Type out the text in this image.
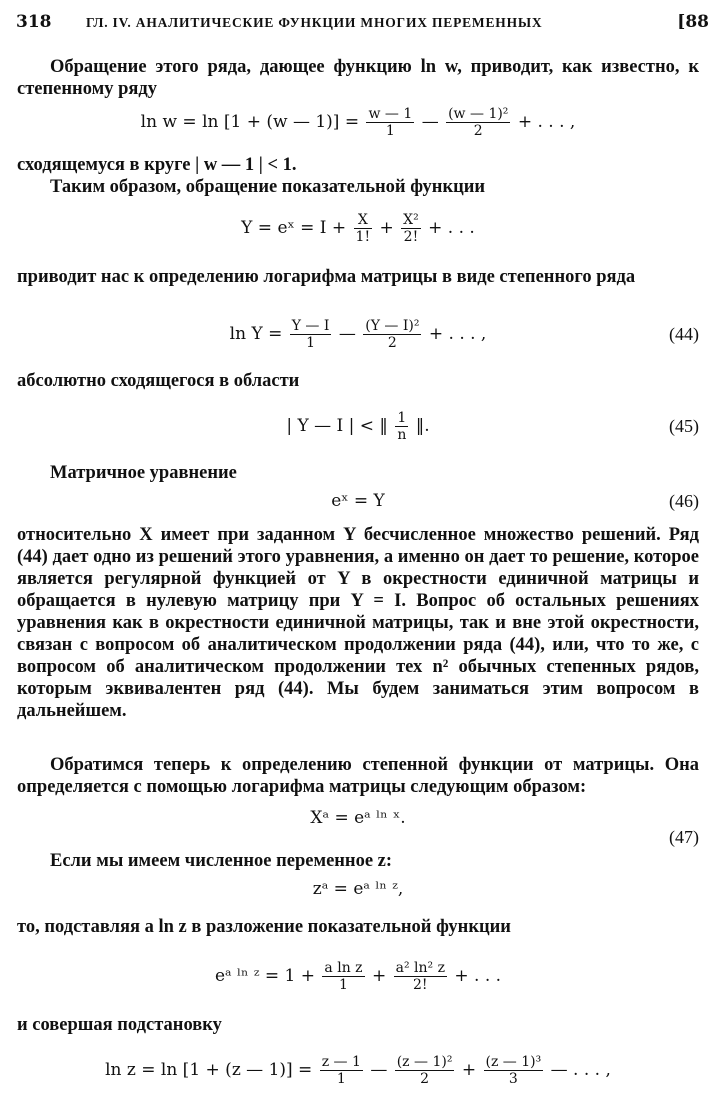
318	ГЛ. IV. АНАЛИТИЧЕСКИЕ ФУНКЦИИ МНОГИХ ПЕРЕМЕННЫХ	[88

Обращение этого ряда, дающее функцию ln w, приводит, как известно, к степенному ряду

ln w = ln [1 + (w — $1)] = \frac{w — 1}{1}$ — $\frac{\text{(w — 1)²}}{2}$ + . . . ,

сходящемуся в круге | w — 1 | < 1.

Таким образом, обращение показательной функции

Y = eˣ = $I + \frac{X}{1!} + \frac{\text{X²}}{2!}$ + . . .

приводит нас к определению логарифма матрицы в виде степенного ряда

$\ln Y = \frac{Y — I}{1}$ — $\frac{\text{(Y — I)²}}{2}$ + . . . ,	(44)

абсолютно сходящегося в области

| Y — I | < ‖ $\frac{1}{n}$ ‖.	(45)

Матричное уравнение

eˣ = Y	(46)

относительно X имеет при заданном Y бесчисленное множество решений. Ряд (44) дает одно из решений этого уравнения, а именно он дает то решение, которое является регулярной функцией от Y в окрестности единичной матрицы и обращается в нулевую матрицу при Y = I. Вопрос об остальных решениях уравнения как в окрестности единичной матрицы, так и вне этой окрестности, связан с вопросом об аналитическом продолжении ряда (44), или, что то же, с вопросом об аналитическом продолжении тех n² обычных степенных рядов, которым эквивалентен ряд (44). Мы будем заниматься этим вопросом в дальнейшем.

Обратимся теперь к определению степенной функции от матрицы. Она определяется с помощью логарифма матрицы следующим образом:

Xᵃ = eᵃ ˡⁿ ˣ.
(47)

Если мы имеем численное переменное z:

zᵃ = eᵃ ˡⁿ ᶻ,

то, подставляя a ln z в разложение показательной функции

eᵃ ˡⁿ ᶻ = $1 + \frac{\text{a ln z}}{1} + \frac{\text{a² ln² z}}{2!}$ + . . .

и совершая подстановку

ln z = ln [1 + (z — $1)] = \frac{z — 1}{1}$ — $\frac{\text{(z — 1)²}}{2} + \frac{\text{(z — 1)³}}{3}$ — . . . ,
